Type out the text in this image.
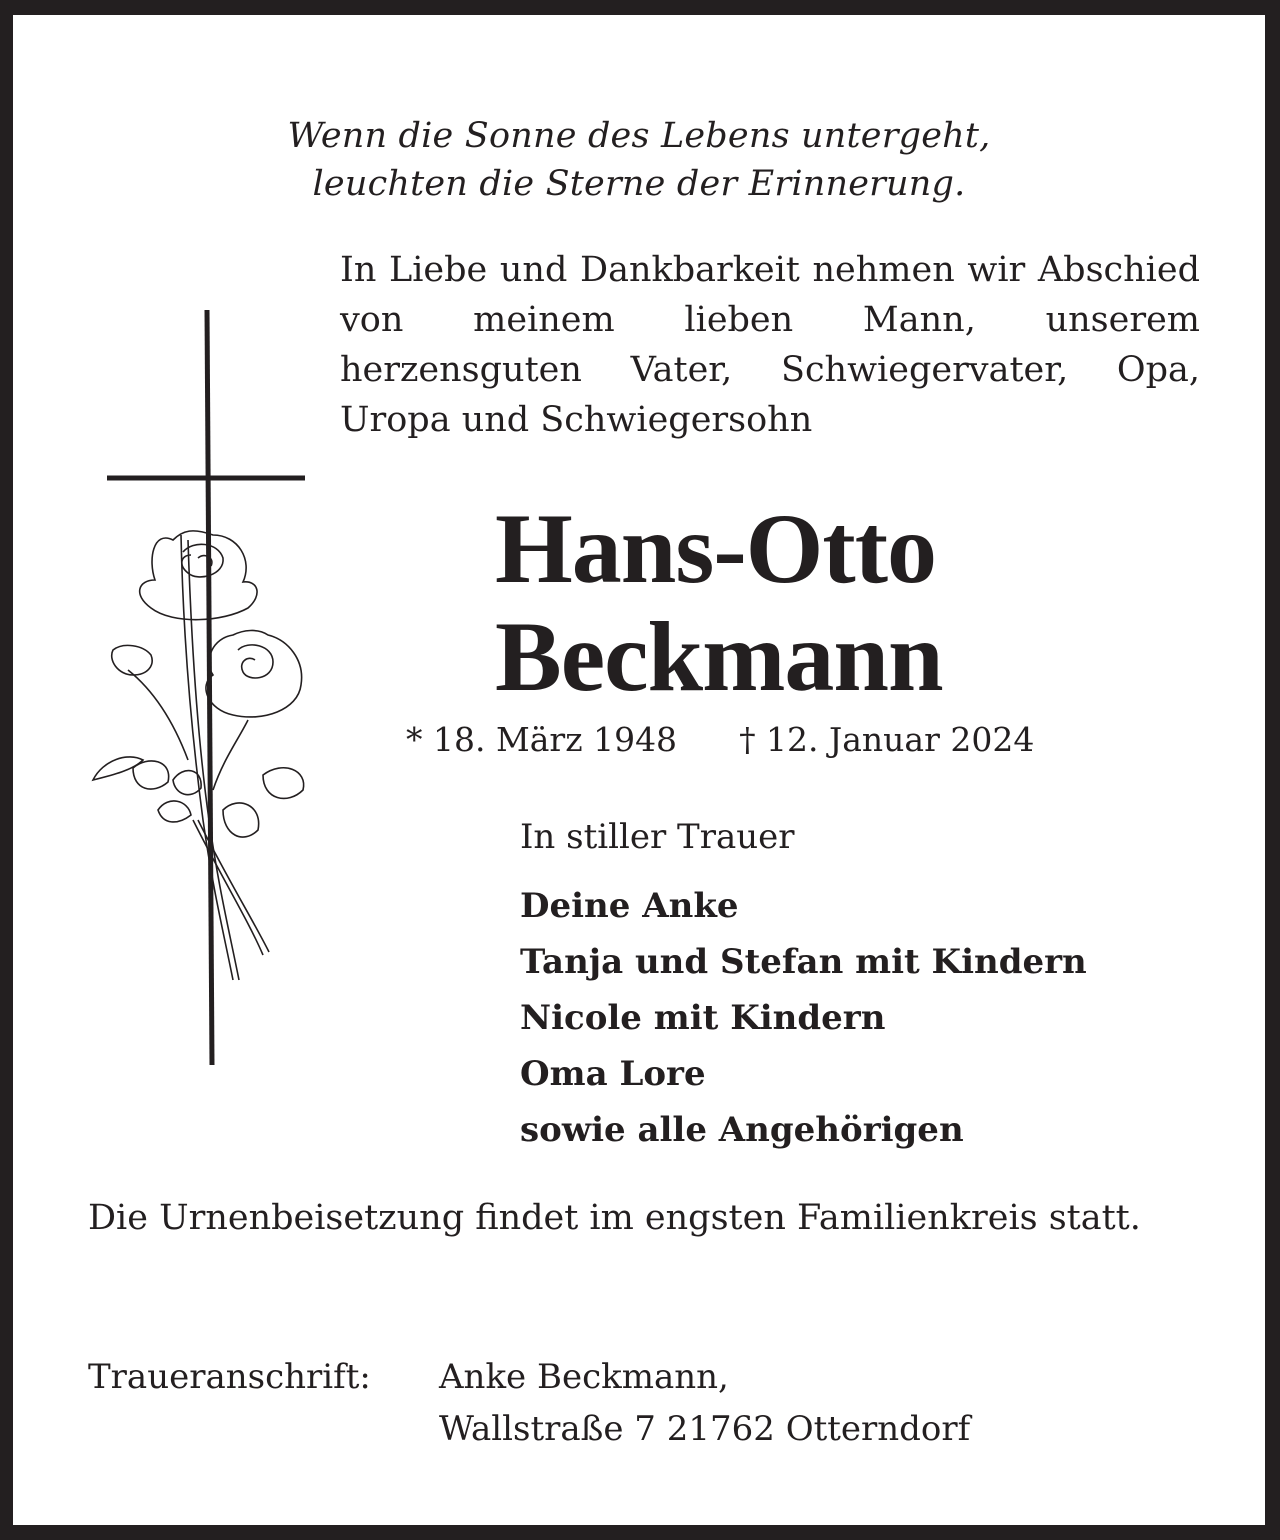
Wenn die Sonne des Lebens untergeht,
leuchten die Sterne der Erinnerung.
In Liebe und Dankbarkeit nehmen wir Abschied von meinem lieben Mann, unserem herzensguten Vater, Schwiegervater, Opa, Uropa und Schwiegersohn
Hans-Otto
Beckmann
* 18. März 1948 † 12. Januar 2024
In stiller Trauer
Deine Anke
Tanja und Stefan mit Kindern
Nicole mit Kindern
Oma Lore
sowie alle Angehörigen
Die Urnenbeisetzung findet im engsten Familienkreis statt.
Traueranschrift: Anke Beckmann,
Wallstraße 7 21762 Otterndorf
